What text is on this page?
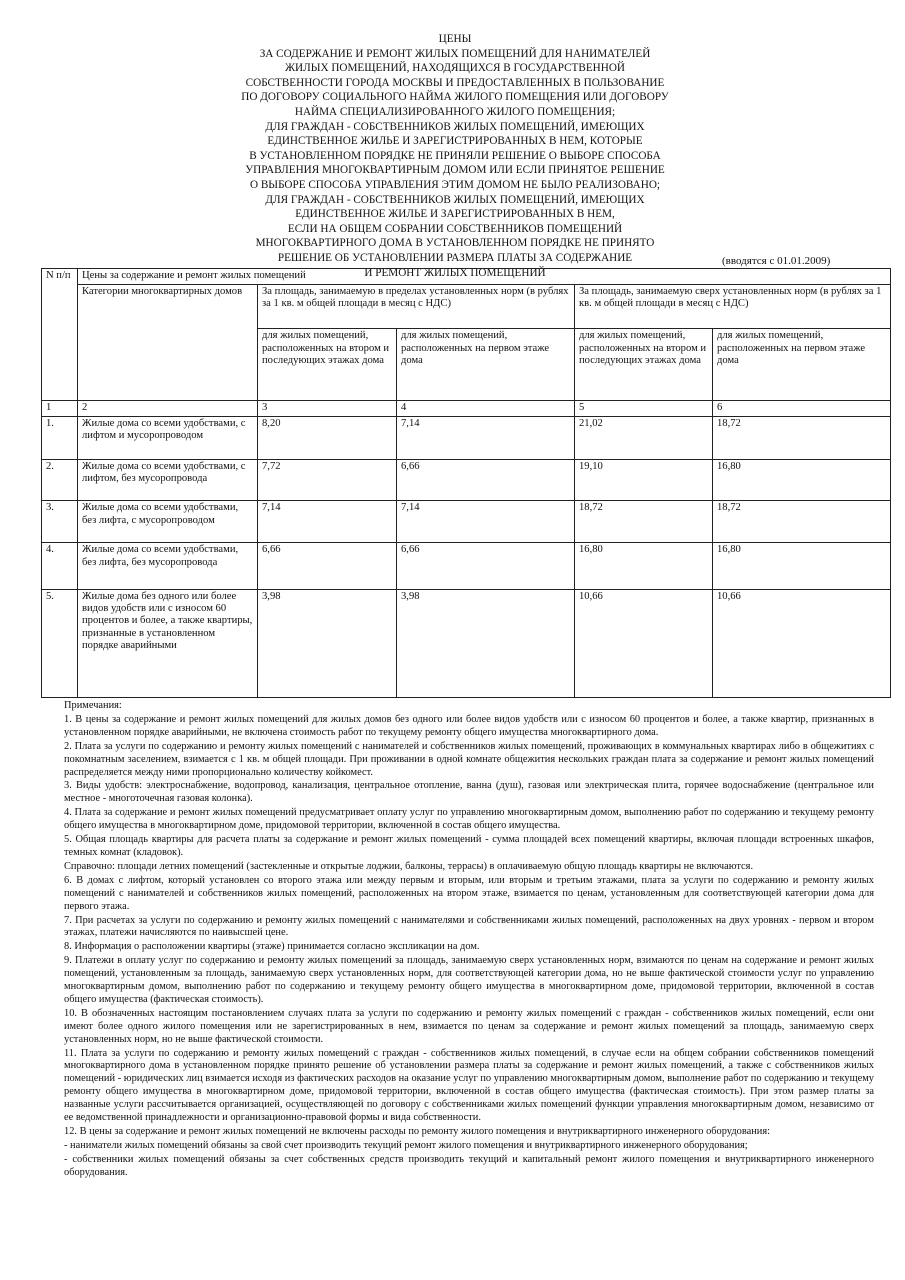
ЦЕНЫ
ЗА СОДЕРЖАНИЕ И РЕМОНТ ЖИЛЫХ ПОМЕЩЕНИЙ ДЛЯ НАНИМАТЕЛЕЙ
ЖИЛЫХ ПОМЕЩЕНИЙ, НАХОДЯЩИХСЯ В ГОСУДАРСТВЕННОЙ
СОБСТВЕННОСТИ ГОРОДА МОСКВЫ И ПРЕДОСТАВЛЕННЫХ В ПОЛЬЗОВАНИЕ
ПО ДОГОВОРУ СОЦИАЛЬНОГО НАЙМА ЖИЛОГО ПОМЕЩЕНИЯ ИЛИ ДОГОВОРУ
НАЙМА СПЕЦИАЛИЗИРОВАННОГО ЖИЛОГО ПОМЕЩЕНИЯ;
ДЛЯ ГРАЖДАН - СОБСТВЕННИКОВ ЖИЛЫХ ПОМЕЩЕНИЙ, ИМЕЮЩИХ
ЕДИНСТВЕННОЕ ЖИЛЬЕ И ЗАРЕГИСТРИРОВАННЫХ В НЕМ, КОТОРЫЕ
В УСТАНОВЛЕННОМ ПОРЯДКЕ НЕ ПРИНЯЛИ РЕШЕНИЕ О ВЫБОРЕ СПОСОБА
УПРАВЛЕНИЯ МНОГОКВАРТИРНЫМ ДОМОМ ИЛИ ЕСЛИ ПРИНЯТОЕ РЕШЕНИЕ
О ВЫБОРЕ СПОСОБА УПРАВЛЕНИЯ ЭТИМ ДОМОМ НЕ БЫЛО РЕАЛИЗОВАНО;
ДЛЯ ГРАЖДАН - СОБСТВЕННИКОВ ЖИЛЫХ ПОМЕЩЕНИЙ, ИМЕЮЩИХ
ЕДИНСТВЕННОЕ ЖИЛЬЕ И ЗАРЕГИСТРИРОВАННЫХ В НЕМ,
ЕСЛИ НА ОБЩЕМ СОБРАНИИ СОБСТВЕННИКОВ ПОМЕЩЕНИЙ
МНОГОКВАРТИРНОГО ДОМА В УСТАНОВЛЕННОМ ПОРЯДКЕ НЕ ПРИНЯТО
РЕШЕНИЕ ОБ УСТАНОВЛЕНИИ РАЗМЕРА ПЛАТЫ ЗА СОДЕРЖАНИЕ
И РЕМОНТ ЖИЛЫХ ПОМЕЩЕНИЙ
(вводятся с 01.01.2009)
N п/п	Цены за содержание и ремонт жилых помещений				
	Категории многоквартирных домов	За площадь, занимаемую в пределах установленных норм (в рублях за 1 кв. м общей площади в месяц с НДС)		За площадь, занимаемую сверх установленных норм (в рублях за 1 кв. м общей площади в месяц с НДС)	
		для жилых помещений, расположенных на втором и последующих этажах дома	для жилых помещений, расположенных на первом этаже дома	для жилых помещений, расположенных на втором и последующих этажах дома	для жилых помещений, расположенных на первом этаже дома
1	2	3	4	5	6
1.	Жилые дома со всеми удобствами, с лифтом и мусоропроводом	8,20	7,14	21,02	18,72
2.	Жилые дома со всеми удобствами, с лифтом, без мусоропровода	7,72	6,66	19,10	16,80
3.	Жилые дома со всеми удобствами, без лифта, с мусоропроводом	7,14	7,14	18,72	18,72
4.	Жилые дома со всеми удобствами, без лифта, без мусоропровода	6,66	6,66	16,80	16,80
5.	Жилые дома без одного или более видов удобств или с износом 60 процентов и более, а также квартиры, признанные в установленном порядке аварийными	3,98	3,98	10,66	10,66

Примечания:

1. В цены за содержание и ремонт жилых помещений для жилых домов без одного или более видов удобств или с износом 60 процентов и более, а также квартир, признанных в установленном порядке аварийными, не включена стоимость работ по текущему ремонту общего имущества многоквартирного дома.

2. Плата за услуги по содержанию и ремонту жилых помещений с нанимателей и собственников жилых помещений, проживающих в коммунальных квартирах либо в общежитиях с покомнатным заселением, взимается с 1 кв. м общей площади. При проживании в одной комнате общежития нескольких граждан плата за содержание и ремонт жилых помещений распределяется между ними пропорционально количеству койкомест.

3. Виды удобств: электроснабжение, водопровод, канализация, центральное отопление, ванна (душ), газовая или электрическая плита, горячее водоснабжение (центральное или местное - многоточечная газовая колонка).

4. Плата за содержание и ремонт жилых помещений предусматривает оплату услуг по управлению многоквартирным домом, выполнению работ по содержанию и текущему ремонту общего имущества в многоквартирном доме, придомовой территории, включенной в состав общего имущества.

5. Общая площадь квартиры для расчета платы за содержание и ремонт жилых помещений - сумма площадей всех помещений квартиры, включая площади встроенных шкафов, темных комнат (кладовок).

Справочно: площади летних помещений (застекленные и открытые лоджии, балконы, террасы) в оплачиваемую общую площадь квартиры не включаются.

6. В домах с лифтом, который установлен со второго этажа или между первым и вторым, или вторым и третьим этажами, плата за услуги по содержанию и ремонту жилых помещений с нанимателей и собственников жилых помещений, расположенных на втором этаже, взимается по ценам, установленным для соответствующей категории дома для первого этажа.

7. При расчетах за услуги по содержанию и ремонту жилых помещений с нанимателями и собственниками жилых помещений, расположенных на двух уровнях - первом и втором этажах, платежи начисляются по наивысшей цене.

8. Информация о расположении квартиры (этаже) принимается согласно экспликации на дом.

9. Платежи в оплату услуг по содержанию и ремонту жилых помещений за площадь, занимаемую сверх установленных норм, взимаются по ценам на содержание и ремонт жилых помещений, установленным за площадь, занимаемую сверх установленных норм, для соответствующей категории дома, но не выше фактической стоимости услуг по управлению многоквартирным домом, выполнению работ по содержанию и текущему ремонту общего имущества в многоквартирном доме, придомовой территории, включенной в состав общего имущества (фактическая стоимость).

10. В обозначенных настоящим постановлением случаях плата за услуги по содержанию и ремонту жилых помещений с граждан - собственников жилых помещений, если они имеют более одного жилого помещения или не зарегистрированных в нем, взимается по ценам за содержание и ремонт жилых помещений за площадь, занимаемую сверх установленных норм, но не выше фактической стоимости.

11. Плата за услуги по содержанию и ремонту жилых помещений с граждан - собственников жилых помещений, в случае если на общем собрании собственников помещений многоквартирного дома в установленном порядке принято решение об установлении размера платы за содержание и ремонт жилых помещений, а также с собственников жилых помещений - юридических лиц взимается исходя из фактических расходов на оказание услуг по управлению многоквартирным домом, выполнение работ по содержанию и текущему ремонту общего имущества в многоквартирном доме, придомовой территории, включенной в состав общего имущества (фактическая стоимость). При этом размер платы за названные услуги рассчитывается организацией, осуществляющей по договору с собственниками жилых помещений функции управления многоквартирным домом, независимо от ее ведомственной принадлежности и организационно-правовой формы и вида собственности.

12. В цены за содержание и ремонт жилых помещений не включены расходы по ремонту жилого помещения и внутриквартирного инженерного оборудования:

- наниматели жилых помещений обязаны за свой счет производить текущий ремонт жилого помещения и внутриквартирного инженерного оборудования;

- собственники жилых помещений обязаны за счет собственных средств производить текущий и капитальный ремонт жилого помещения и внутриквартирного инженерного оборудования.
